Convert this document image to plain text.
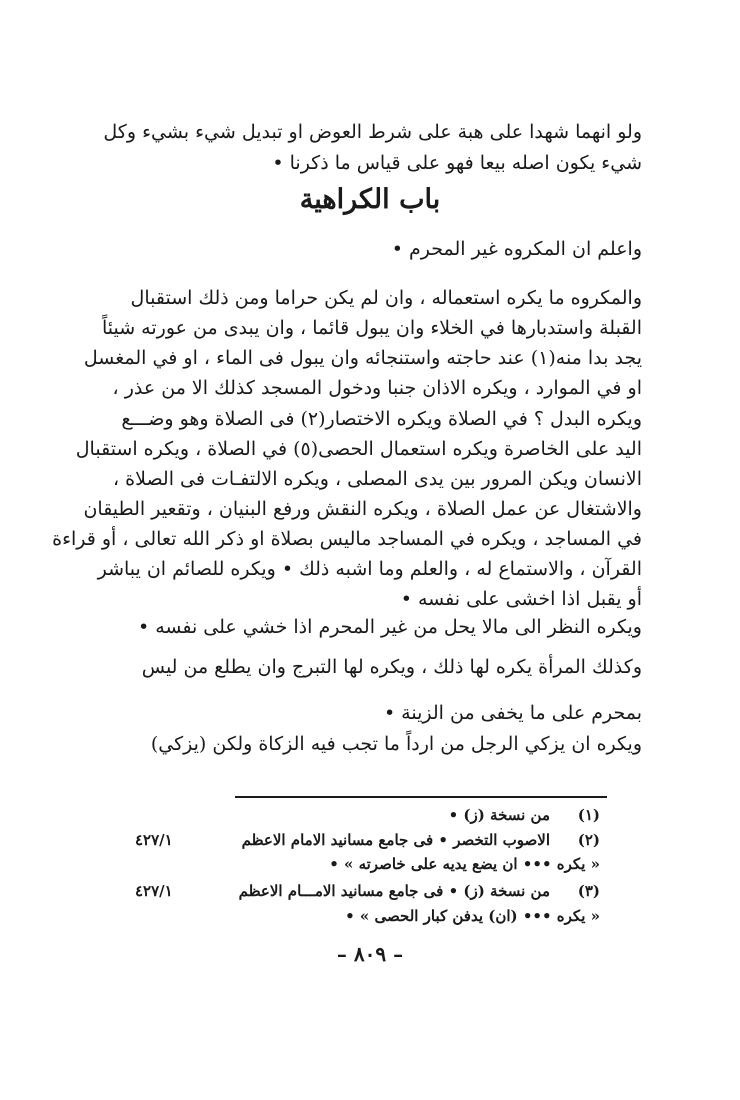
ولو انهما شهدا على هبة على شرط العوض او تبديل شيء بشيء وكل
شيء يكون اصله بيعا فهو على قياس ما ذكرنا •
باب الكراهية
واعلم ان المكروه غير المحرم •
والمكروه ما يكره استعماله ، وان لم يكن حراما ومن ذلك استقبال
القبلة واستدبارها في الخلاء وان يبول قائما ، وان يبدى من عورته شيئاً
يجد بدا منه(١) عند حاجته واستنجائه وان يبول فى الماء ، او في المغسل
او في الموارد ، ويكره الاذان جنبا ودخول المسجد كذلك الا من عذر ،
ويكره البدل ؟ في الصلاة ويكره الاختصار(٢) فى الصلاة وهو وضـــع
اليد على الخاصرة ويكره استعمال الحصى(٥) في الصلاة ، ويكره استقبال
الانسان ويكن المرور بين يدى المصلى ، ويكره الالتفـات فى الصلاة ،
والاشتغال عن عمل الصلاة ، ويكره النقش ورفع البنيان ، وتقعير الطيقان
في المساجد ، ويكره في المساجد ماليس بصلاة او ذكر الله تعالى ، أو قراءة
القرآن ، والاستماع له ، والعلم وما اشبه ذلك • ويكره للصائم ان يباشر
أو يقبل اذا اخشى على نفسه •
ويكره النظر الى مالا يحل من غير المحرم اذا خشي على نفسه •
وكذلك المرأة يكره لها ذلك ، ويكره لها التبرج وان يطلع من ليس
بمحرم على ما يخفى من الزينة •
ويكره ان يزكي الرجل من ارداً ما تجب فيه الزكاة ولكن (يزكي)
(١)
من نسخة (ز) •
(٢)
الاصوب التخصر • فى جامع مسانيد الامام الاعظم
٤٢٧/١
« يكره ••• ان يضع يديه على خاصرته » •
(٣)
من نسخة (ز) • فى جامع مسانيد الامـــام الاعظم
٤٢٧/١
« يكره ••• (ان) يدفن كبار الحصى » •
– ٨٠٩ –
